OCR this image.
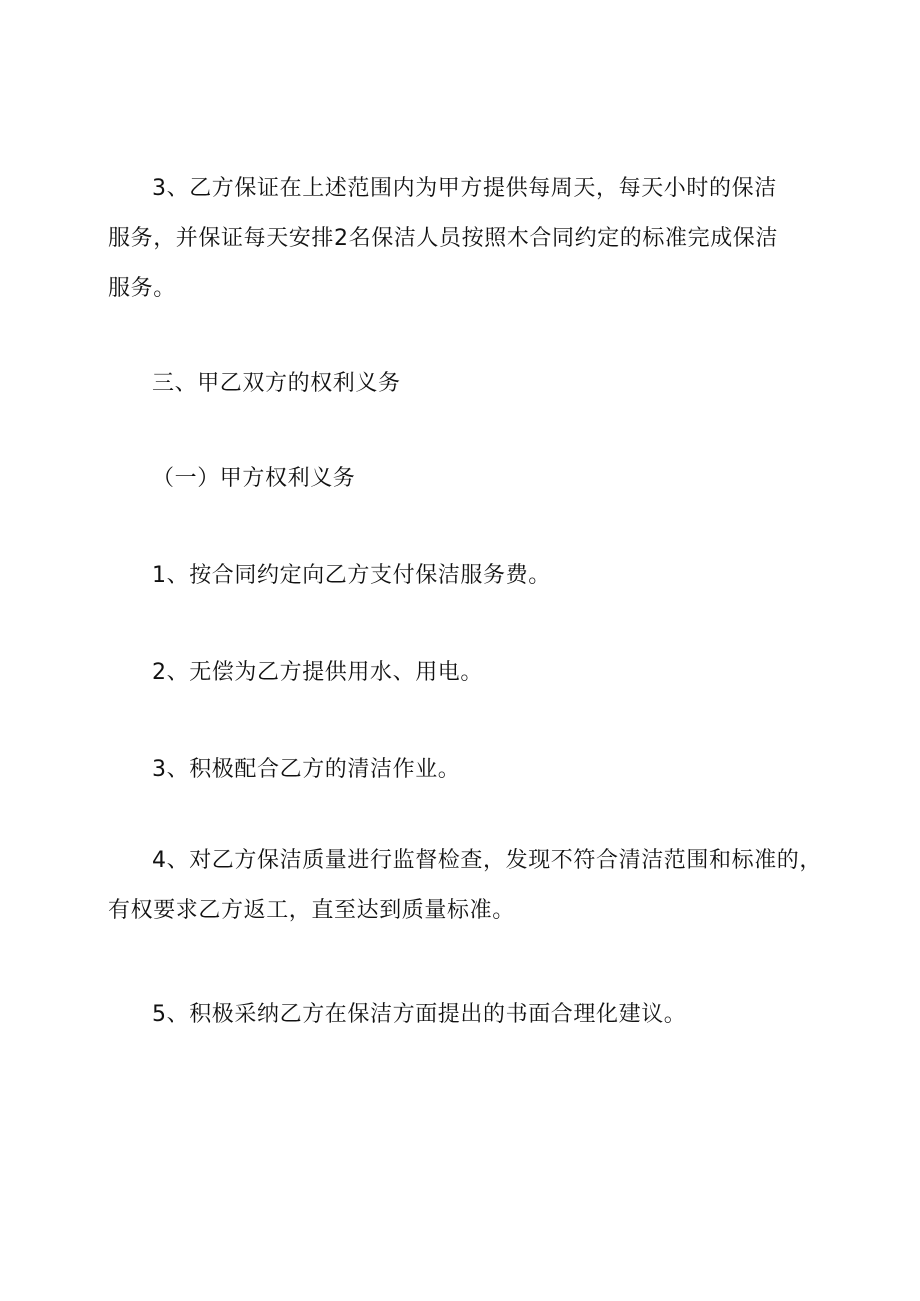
3、乙方保证在上述范围内为甲方提供每周天，每天小时的保洁
服务，并保证每天安排2名保洁人员按照木合同约定的标准完成保洁
服务。

三、甲乙双方的权利义务

（一）甲方权利义务

1、按合同约定向乙方支付保洁服务费。

2、无偿为乙方提供用水、用电。

3、积极配合乙方的清洁作业。

4、对乙方保洁质量进行监督检查，发现不符合清洁范围和标准的，
有权要求乙方返工，直至达到质量标准。

5、积极采纳乙方在保洁方面提出的书面合理化建议。
